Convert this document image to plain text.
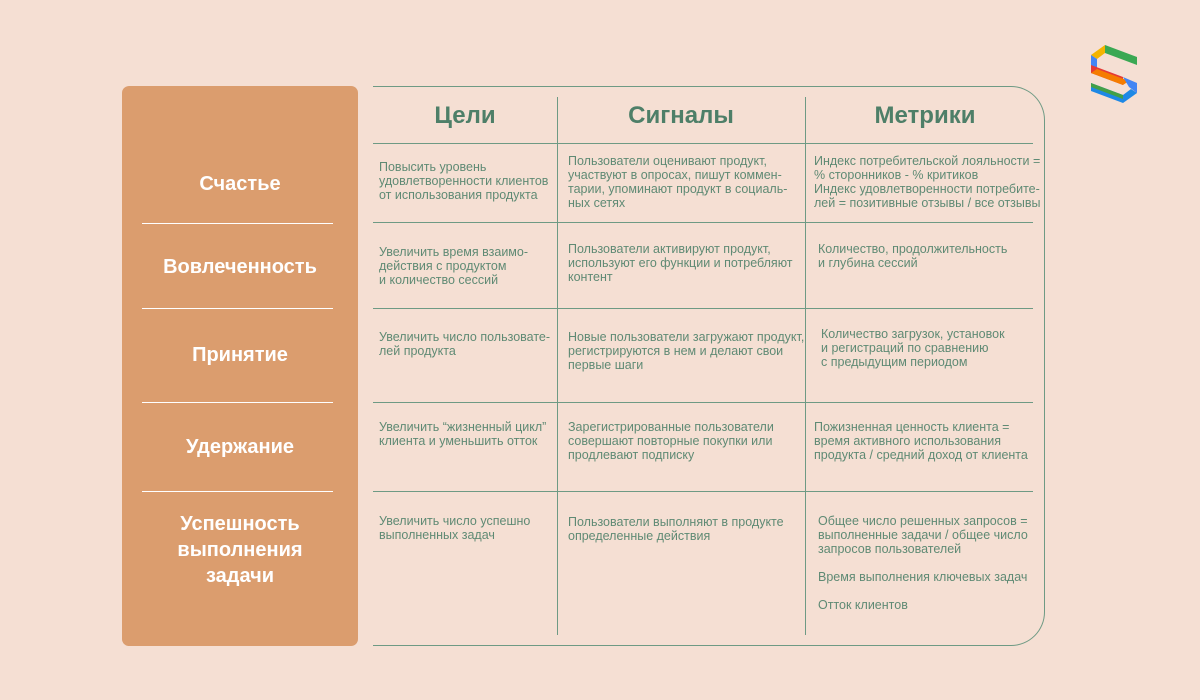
Счастье
Вовлеченность
Принятие
Удержание
Успешность
выполнения
задачи
Цели	Сигналы	Метрики
Повысить уровень
удовлетворенности клиентов
от использования продукта
Пользователи оценивают продукт,
участвуют в опросах, пишут коммен-
тарии, упоминают продукт в социаль-
ных сетях
Индекс потребительской лояльности =
% сторонников - % критиков
Индекс удовлетворенности потребите-
лей = позитивные отзывы / все отзывы
Увеличить время взаимо-
действия с продуктом
и количество сессий
Пользователи активируют продукт,
используют его функции и потребляют
контент
Количество, продолжительность
и глубина сессий
Увеличить число пользовате-
лей продукта
Новые пользователи загружают продукт,
регистрируются в нем и делают свои
первые шаги
Количество загрузок, установок
и регистраций по сравнению
с предыдущим периодом
Увеличить “жизненный цикл”
клиента и уменьшить отток
Зарегистрированные пользователи
совершают повторные покупки или
продлевают подписку
Пожизненная ценность клиента =
время активного использования
продукта / средний доход от клиента
Увеличить число успешно
выполненных задач
Пользователи выполняют в продукте
определенные действия
Общее число решенных запросов =
выполненные задачи / общее число
запросов пользователей
Время выполнения ключевых задач
Отток клиентов
